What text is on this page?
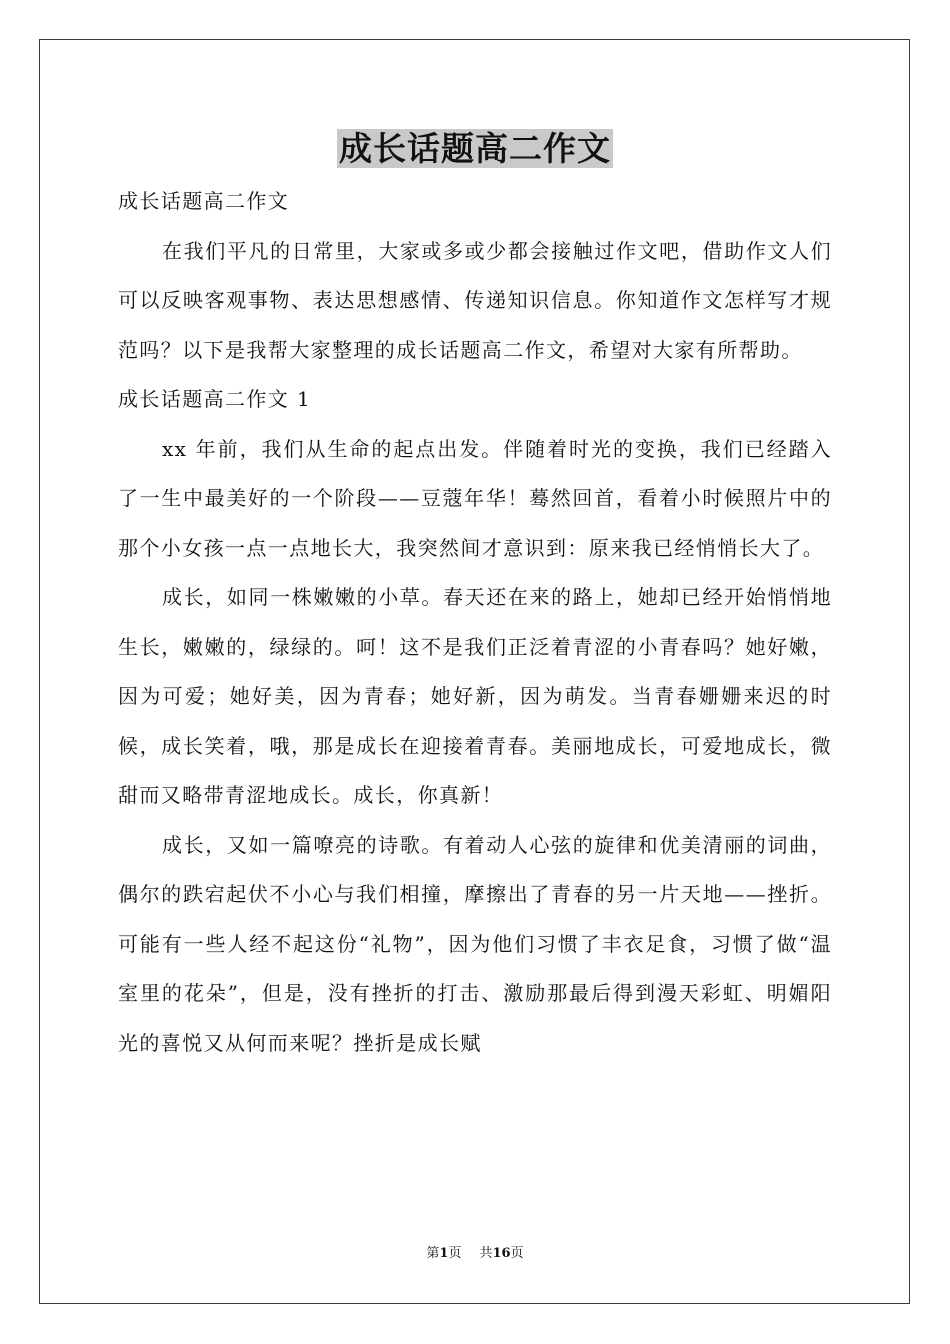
成长话题高二作文

成长话题高二作文

在我们平凡的日常里，大家或多或少都会接触过作文吧，借助作文人们可以反映客观事物、表达思想感情、传递知识信息。你知道作文怎样写才规范吗？以下是我帮大家整理的成长话题高二作文，希望对大家有所帮助。

成长话题高二作文 1

xx 年前，我们从生命的起点出发。伴随着时光的变换，我们已经踏入了一生中最美好的一个阶段——豆蔻年华！蓦然回首，看着小时候照片中的那个小女孩一点一点地长大，我突然间才意识到：原来我已经悄悄长大了。

成长，如同一株嫩嫩的小草。春天还在来的路上，她却已经开始悄悄地生长，嫩嫩的，绿绿的。呵！这不是我们正泛着青涩的小青春吗？她好嫩，因为可爱；她好美，因为青春；她好新，因为萌发。当青春姗姗来迟的时候，成长笑着，哦，那是成长在迎接着青春。美丽地成长，可爱地成长，微甜而又略带青涩地成长。成长，你真新！

成长，又如一篇嘹亮的诗歌。有着动人心弦的旋律和优美清丽的词曲，偶尔的跌宕起伏不小心与我们相撞，摩擦出了青春的另一片天地——挫折。可能有一些人经不起这份“礼物”，因为他们习惯了丰衣足食，习惯了做“温室里的花朵”，但是，没有挫折的打击、激励那最后得到漫天彩虹、明媚阳光的喜悦又从何而来呢？挫折是成长赋

第1页 共16页
